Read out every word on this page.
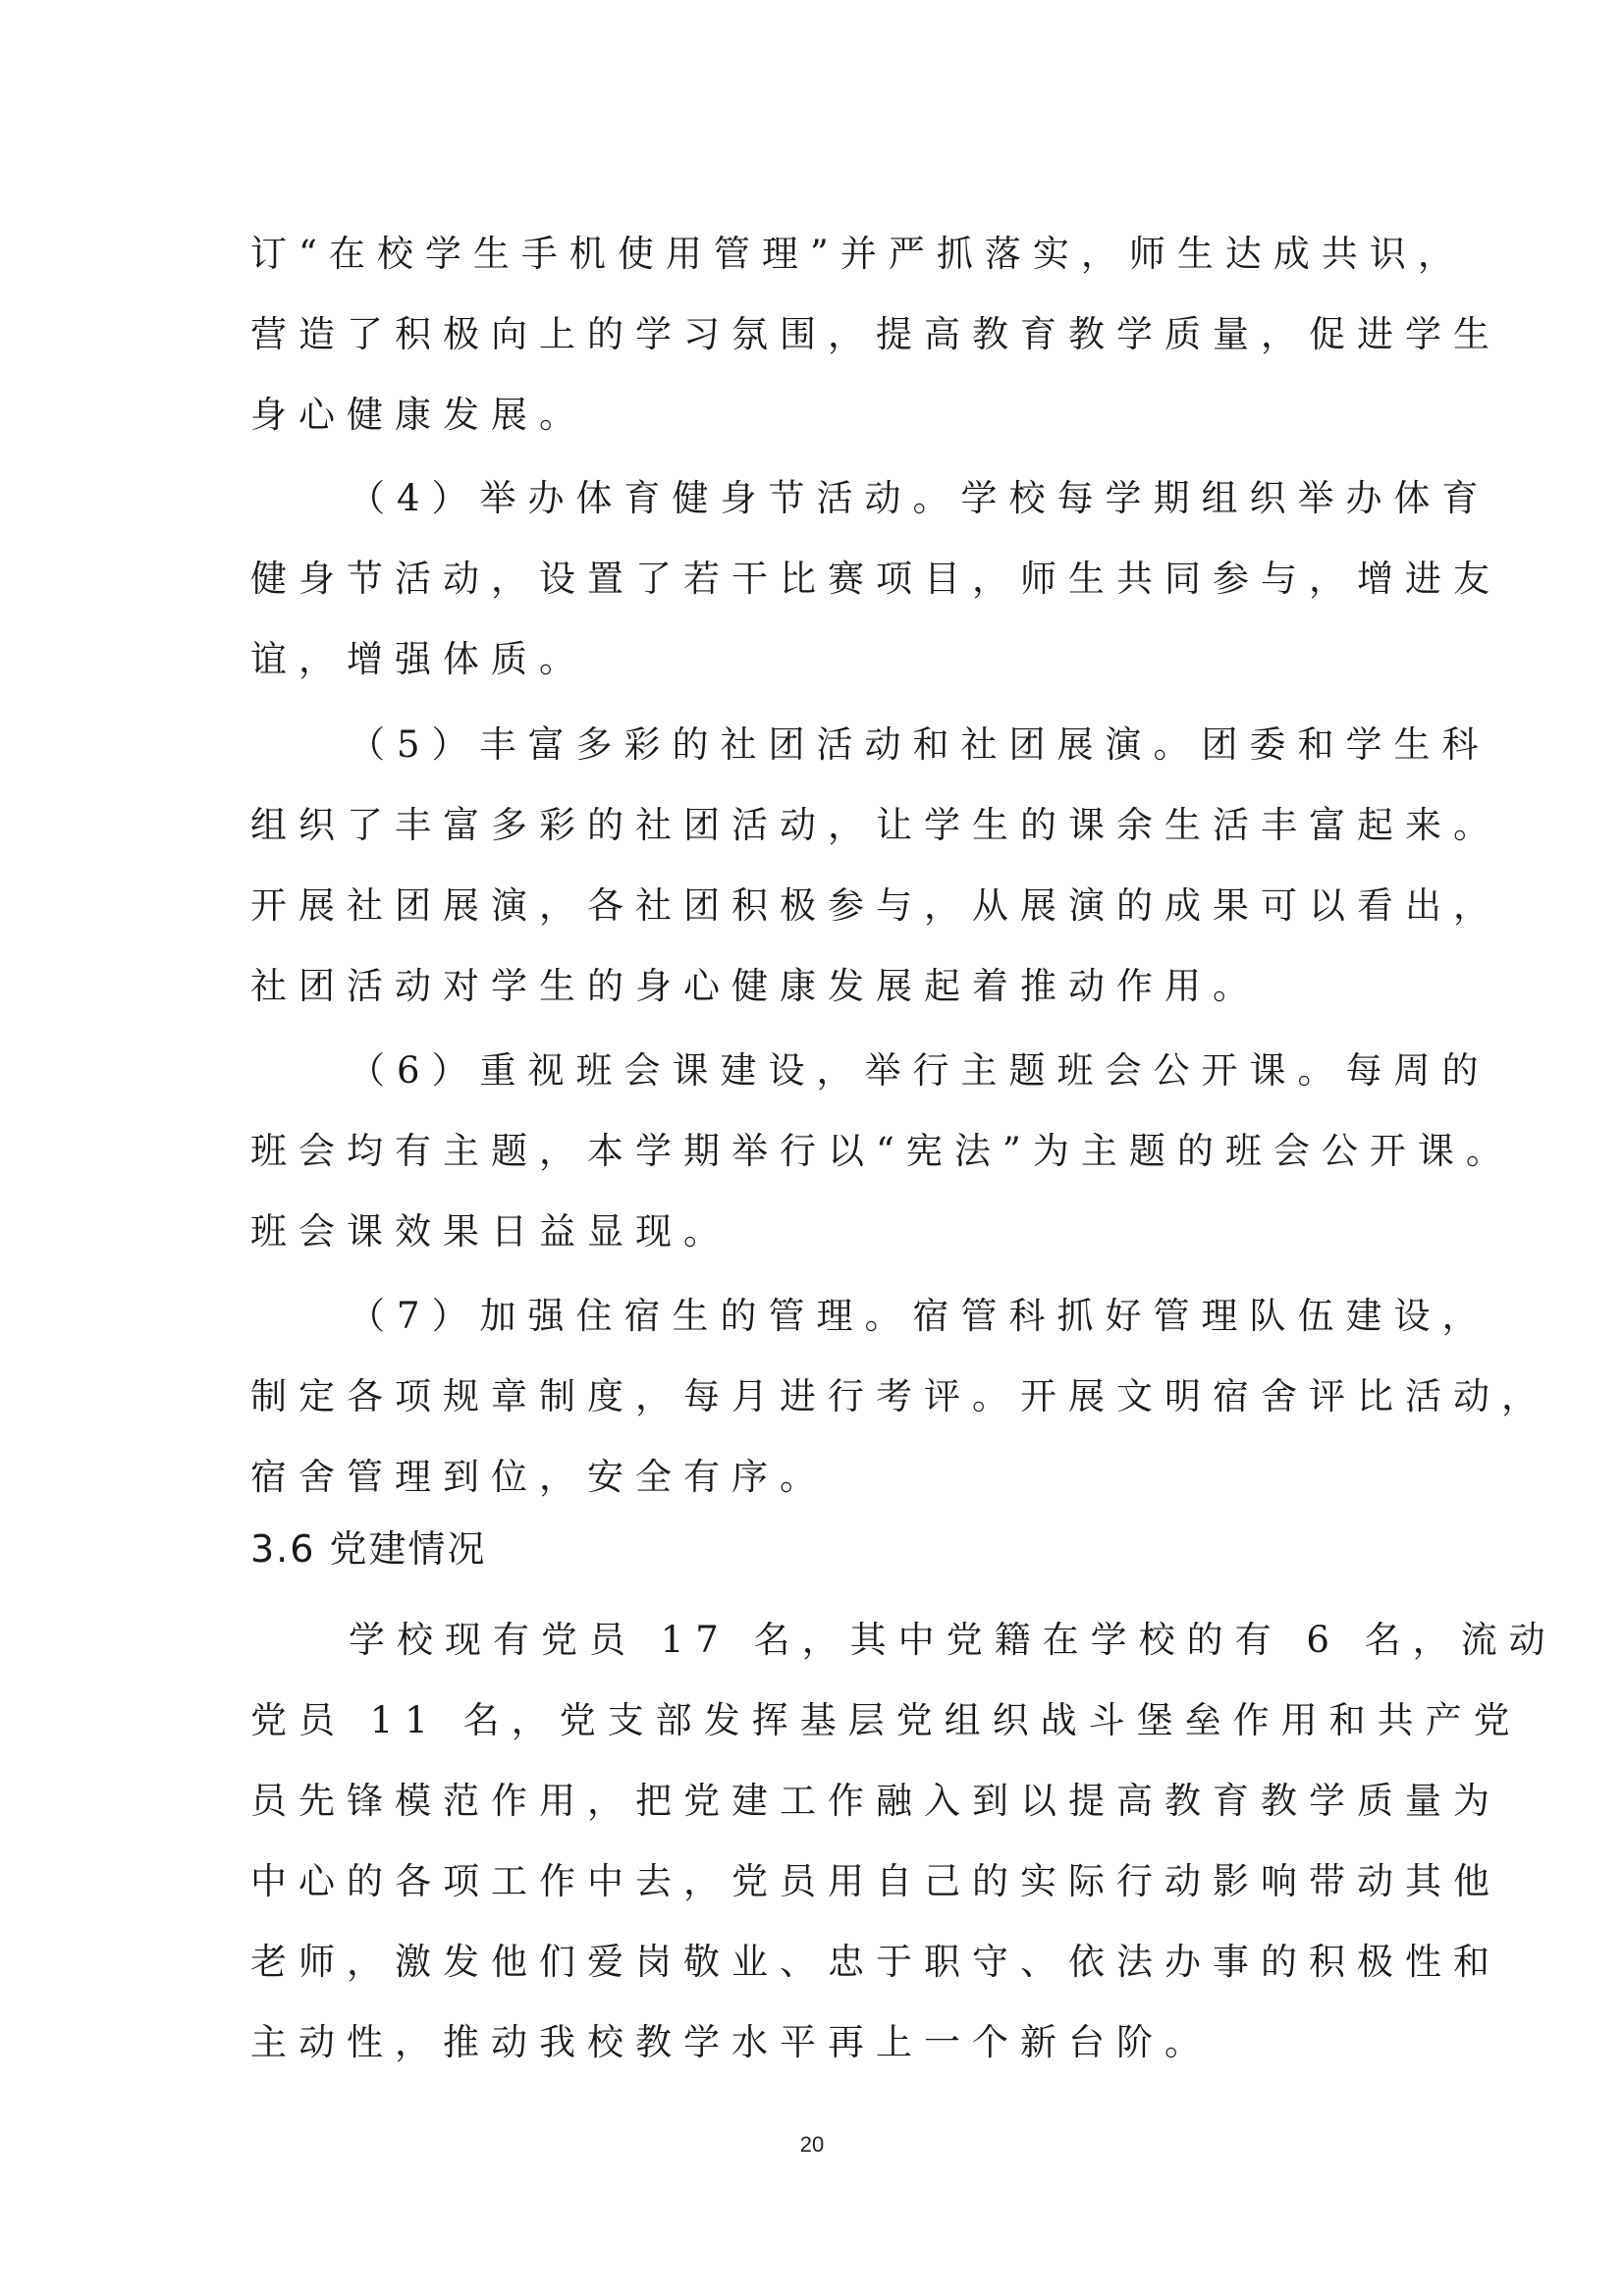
订“在校学生手机使用管理”并严抓落实，师生达成共识，
营造了积极向上的学习氛围，提高教育教学质量，促进学生
身心健康发展。

（4）举办体育健身节活动。学校每学期组织举办体育
健身节活动，设置了若干比赛项目，师生共同参与，增进友
谊，增强体质。

（5）丰富多彩的社团活动和社团展演。团委和学生科
组织了丰富多彩的社团活动，让学生的课余生活丰富起来。
开展社团展演，各社团积极参与，从展演的成果可以看出，
社团活动对学生的身心健康发展起着推动作用。

（6）重视班会课建设，举行主题班会公开课。每周的
班会均有主题，本学期举行以“宪法”为主题的班会公开课。
班会课效果日益显现。

（7）加强住宿生的管理。宿管科抓好管理队伍建设，
制定各项规章制度，每月进行考评。开展文明宿舍评比活动，
宿舍管理到位，安全有序。

3.6 党建情况

学校现有党员 17 名，其中党籍在学校的有 6 名，流动
党员 11 名，党支部发挥基层党组织战斗堡垒作用和共产党
员先锋模范作用，把党建工作融入到以提高教育教学质量为
中心的各项工作中去，党员用自己的实际行动影响带动其他
老师，激发他们爱岗敬业、忠于职守、依法办事的积极性和
主动性，推动我校教学水平再上一个新台阶。

20
